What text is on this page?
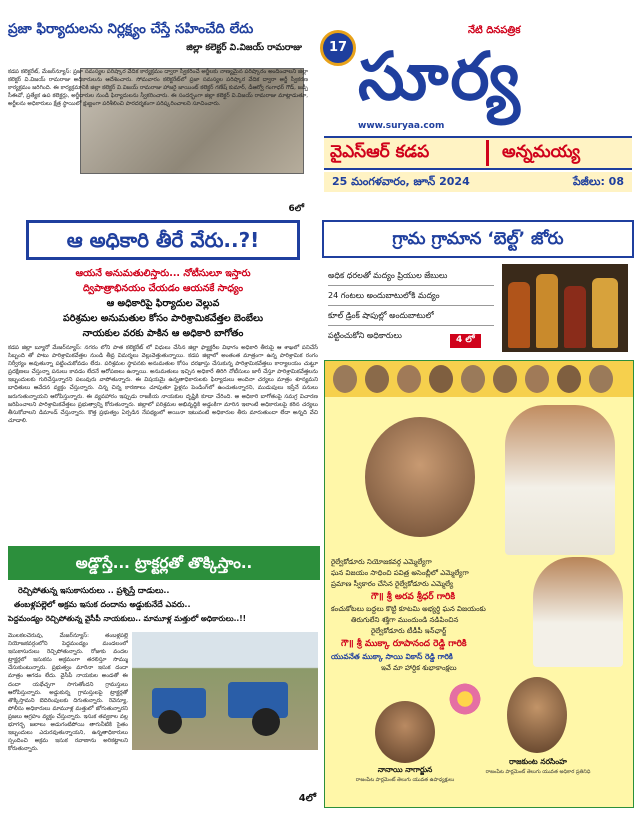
ప్రజా ఫిర్యాదులను నిర్లక్ష్యం చేస్తే సహించేది లేదు
జిల్లా కలెక్టర్ వి.విజయ్ రామరాజు
కడప కలెక్టరేట్, మేజర్‌న్యూస్: ప్రజా సమస్యల పరిష్కార వేదిక కార్యక్రమం ద్వారా స్వీకరించే అర్జీలకు నాణ్యమైన పరిష్కారం అందించాలని జిల్లా కలెక్టర్ వి.విజయ్ రామరాజు అధికారులను ఆదేశించారు. సోమవారం కలెక్టరేట్‌లో ప్రజా సమస్యల పరిష్కార వేదిక ద్వారా అర్జీ స్వీకరణ కార్యక్రమం జరిగింది. ఈ కార్యక్రమానికి జిల్లా కలెక్టర్ వి.విజయ్ రామరాజు హాజరై జాయింట్ కలెక్టర్ గణేష్ కుమార్, డీఆర్వో గంగాధర్ గౌడ్, జడ్పీ సీఈవో, ప్రత్యేక ఉప కలెక్టర్లు, అర్జీదారుల నుండి ఫిర్యాదులను స్వీకరించారు. ఈ సందర్భంగా జిల్లా కలెక్టర్ వి.విజయ్ రామరాజు మాట్లాడుతూ, అర్జీలను అధికారులు క్షేత్ర స్థాయిలో క్షుణ్ణంగా పరిశీలించి పారదర్శకంగా పరిష్కరించాలని సూచించారు.
6లో
17
నేటి దినపత్రిక
సూర్య
www.suryaa.com
వైఎస్ఆర్ కడప	అన్నమయ్య
25 మంగళవారం, జూన్ 2024	పేజీలు: 08
ఆ అధికారి తీరే వేరు..?!
ఆయనే అనుమతులిస్తారు... నోటీసులూ ఇస్తారు
ద్విపాత్రాభినయం చేయడం ఆయనకే సాధ్యం
ఆ అధికారిపై ఫిర్యాదుల వెల్లువ
పరిశ్రమల అనుమతుల కోసం పారిశ్రామికవేత్తల బెంబేలు
నాయకుల వరకు పాకిన ఆ అధికారి బాగోతం
కడప జిల్లా బ్యూరో మేజర్‌న్యూస్: నగరం లోని పాత కలెక్టరేట్ లో విధులు చేసిన జిల్లా ఫ్యాక్టరీల విభాగం అధికారి తీరుపై ఆ శాఖలో పనిచేసే సిబ్బంది తో పాటు పారిశ్రామికవేత్తల నుండి తీవ్ర విమర్శలు వెల్లువెత్తుతున్నాయి. కడప జిల్లాలో అంతంత మాత్రంగా ఉన్న పారిశ్రామిక రంగం నిర్వీర్యం అవుతున్నా పట్టించుకోవడం లేదు. పరిశ్రమల స్థాపనకు అనుమతుల కోసం దరఖాస్తు చేసుకున్న పారిశ్రామికవేత్తలు కార్యాలయం చుట్టూ ప్రదక్షిణలు చేస్తున్నా పనులు కావడం లేదనే ఆరోపణలు ఉన్నాయి. అనుమతులు ఇచ్చిన అధికారే తిరిగి నోటీసులు జారీ చేస్తూ పారిశ్రామికవేత్తలను ఇబ్బందులకు గురిచేస్తున్నారని పలువురు వాపోతున్నారు. ఈ విషయమై ఉన్నతాధికారులకు ఫిర్యాదులు అందినా చర్యలు మాత్రం శూన్యమని బాధితులు ఆవేదన వ్యక్తం చేస్తున్నారు. చిన్న చిన్న కారణాలు చూపుతూ ఫైళ్లను పెండింగ్‌లో ఉంచుతున్నారని, ముడుపులు ఇస్తేనే పనులు జరుగుతున్నాయని ఆరోపిస్తున్నారు. ఈ వ్యవహారం ఇప్పుడు రాజకీయ నాయకుల దృష్టికి కూడా చేరింది. ఆ అధికారి బాగోతంపై సమగ్ర విచారణ జరిపించాలని పారిశ్రామికవేత్తలు ప్రభుత్వాన్ని కోరుతున్నారు. జిల్లాలో పరిశ్రమల అభివృద్ధికి అడ్డంకిగా మారిన ఇలాంటి అధికారులపై కఠిన చర్యలు తీసుకోవాలని డిమాండ్ చేస్తున్నారు. కొత్త ప్రభుత్వం ఏర్పడిన నేపథ్యంలో అయినా ఇటువంటి అధికారుల తీరు మారుతుందా లేదా అన్నది వేచి చూడాలి.
గ్రామ గ్రామాన ‘బెల్ట్’ జోరు
అధిక ధరలతో మద్యం ప్రియుల జేబులు
24 గంటలు అందుబాటులోకి మద్యం
కూల్ డ్రింక్ షాపుల్లో అందుబాటులో
పట్టించుకోని అధికారులు	4 లో
రైల్వేకోడూరు నియోజకవర్గ ఎమ్మెల్యేగా
ఘన విజయం సాధించి పవిత్ర అసెంబ్లీలో ఎమ్మెల్యేగా
ప్రమాణ స్వీకారం చేసిన రైల్వేకోడూరు ఎమ్మెల్యే
గౌ॥ శ్రీ అరవ శ్రీధర్ గారికి
కంచుకోటలు బద్దలు కొట్టి కూటమి అభ్యర్థి ఘన విజయంకు
తిరుగులేని శక్తిగా ముందుండి నడిపించిన
రైల్వేకోడూరు టీడీపీ ఇన్‌ఛార్జ్
గౌ॥ శ్రీ ముక్కా రూపానంద రెడ్డి గారికి
యువనేత ముక్కా సాయి వికాస్ రెడ్డి గారికి
ఇవే మా హార్దిక శుభాకాంక్షలు
నానాయి నాగార్జున
రాజంపేట పార్లమెంట్ తెలుగు యువత ఉపాధ్యక్షులు
రాజకుంట నరసింహ
రాజంపేట పార్లమెంట్ తెలుగు యువత అధికార ప్రతినిధి
అడ్డొస్తే... ట్రాక్టర్లతో తొక్కిస్తాం..
రెచ్చిపోతున్న ఇసుకాసురులు .. ప్రశ్నిస్తే దాడులు..
తంబళ్లపల్లెలో అక్రమ ఇసుక దందాను అడ్డుకునేదే ఎవరు..
పెద్దమండ్యం రెచ్చిపోతున్న వైసీపీ నాయకులు.. మామూళ్ల మత్తులో అధికారులు..!!
మొలకలచెరువు, మేజర్‌న్యూస్: తంబళ్లపల్లె నియోజకవర్గంలోని పెద్దమండ్యం మండలంలో ఇసుకాసురులు రెచ్చిపోతున్నారు. రోజుకు వందల ట్రాక్టర్లలో ఇసుకను అక్రమంగా తరలిస్తూ సొమ్ము చేసుకుంటున్నారు. ప్రభుత్వం మారినా ఇసుక దందా మాత్రం ఆగడం లేదు. వైసీపీ నాయకుల అండతో ఈ దందా యథేచ్ఛగా సాగుతోందని గ్రామస్తులు ఆరోపిస్తున్నారు. అడ్డుకున్న గ్రామస్తులపై ట్రాక్టర్లతో తొక్కిస్తామని బెదిరింపులకు దిగుతున్నారు. రెవెన్యూ, పోలీసు అధికారులు మామూళ్ల మత్తులో జోగుతున్నారని ప్రజలు ఆగ్రహం వ్యక్తం చేస్తున్నారు. ఇసుక తవ్వకాల వల్ల భూగర్భ జలాలు అడుగంటిపోయి తాగునీటికి సైతం ఇబ్బందులు ఎదురవుతున్నాయని, ఉన్నతాధికారులు స్పందించి అక్రమ ఇసుక రవాణాను అరికట్టాలని కోరుతున్నారు.
4లో
